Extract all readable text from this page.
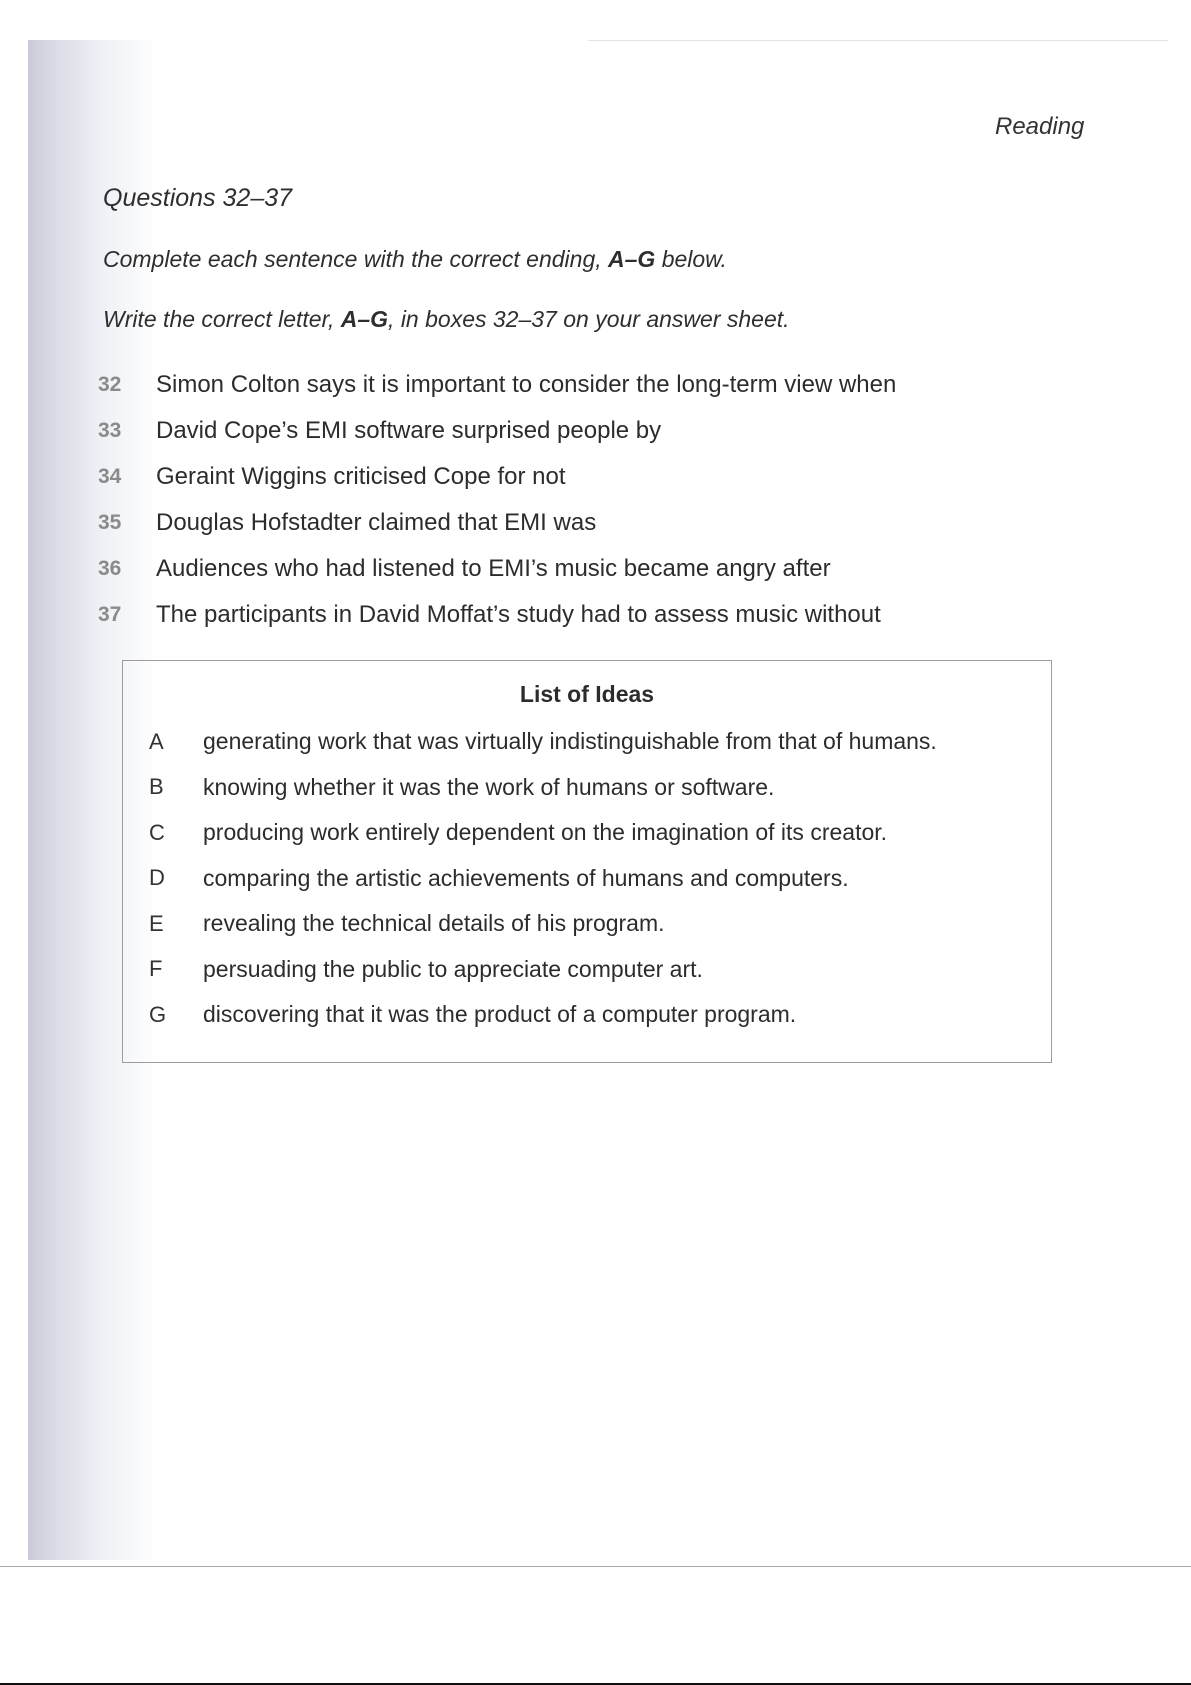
Reading
Questions 32–37
Complete each sentence with the correct ending, A–G below.
Write the correct letter, A–G, in boxes 32–37 on your answer sheet.
32	Simon Colton says it is important to consider the long-term view when
33	David Cope’s EMI software surprised people by
34	Geraint Wiggins criticised Cope for not
35	Douglas Hofstadter claimed that EMI was
36	Audiences who had listened to EMI’s music became angry after
37	The participants in David Moffat’s study had to assess music without
List of Ideas
A	generating work that was virtually indistinguishable from that of humans.
B	knowing whether it was the work of humans or software.
C	producing work entirely dependent on the imagination of its creator.
D	comparing the artistic achievements of humans and computers.
E	revealing the technical details of his program.
F	persuading the public to appreciate computer art.
G	discovering that it was the product of a computer program.
